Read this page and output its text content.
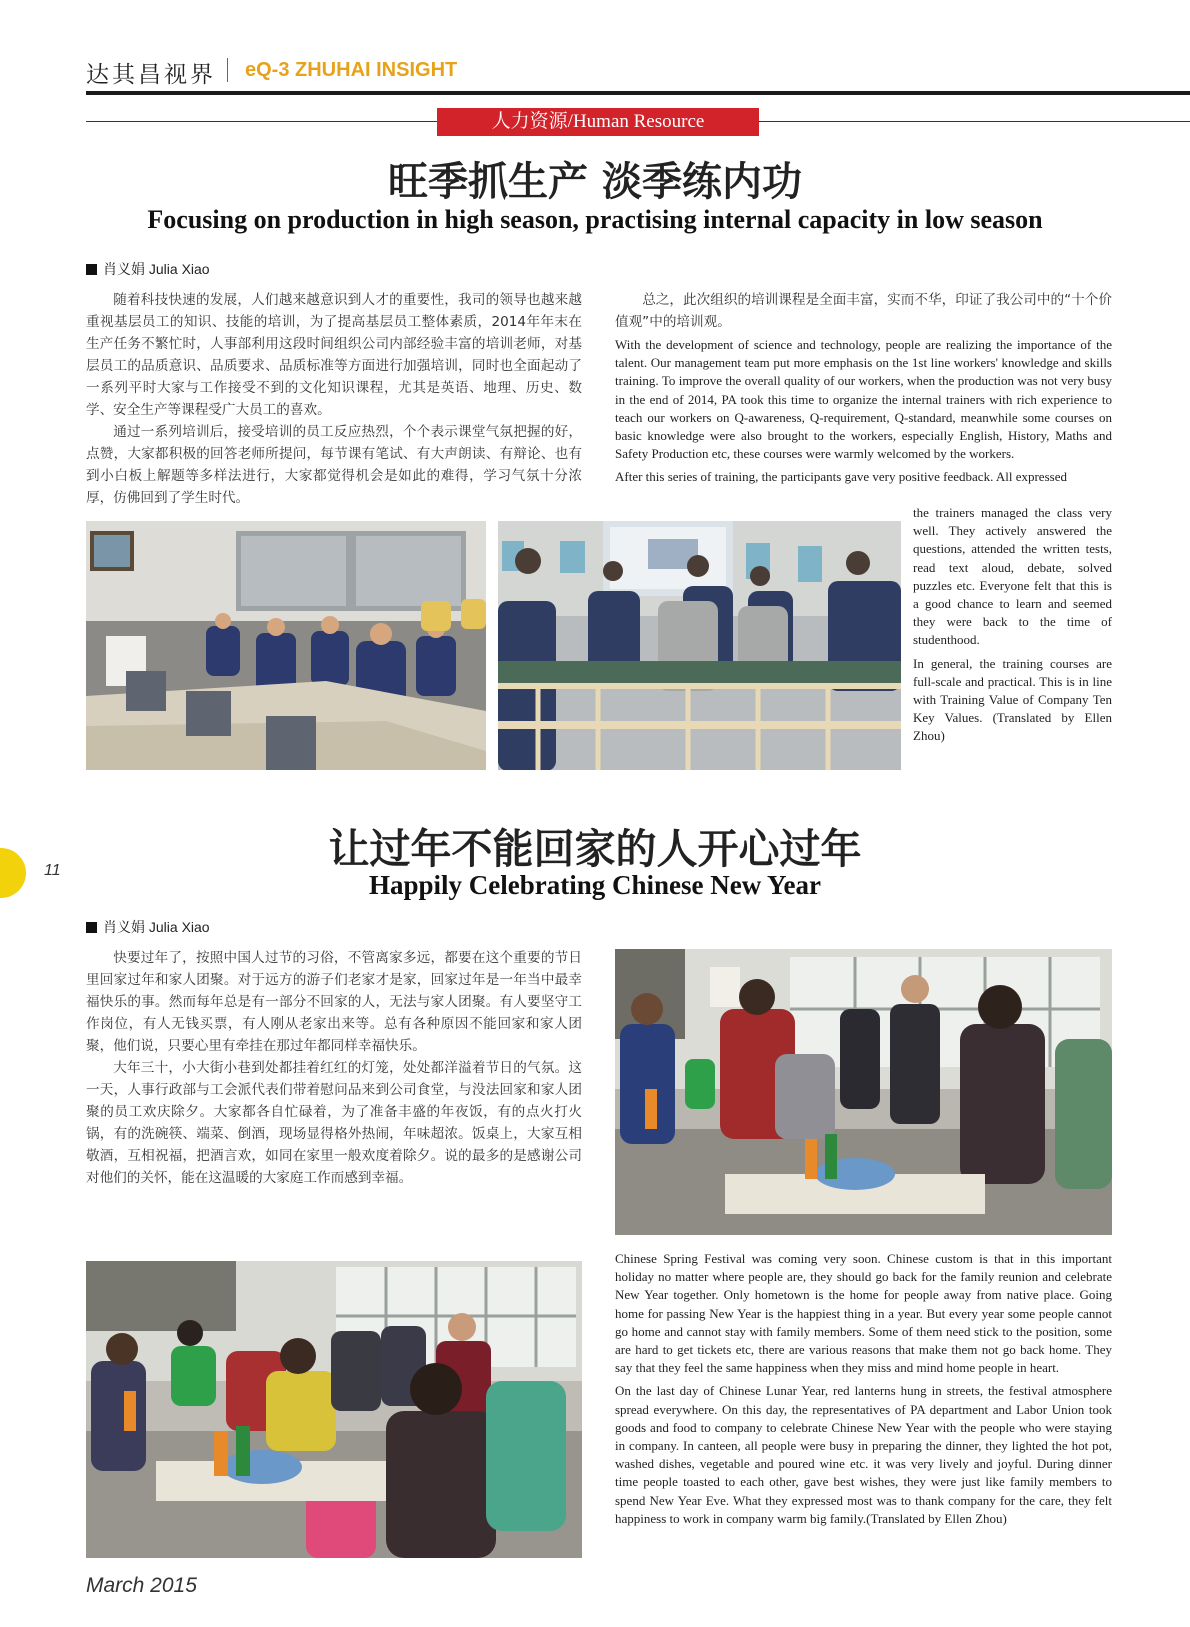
达其昌视界 eQ-3 ZHUHAI INSIGHT
人力资源/Human Resource
旺季抓生产 淡季练内功
Focusing on production in high season, practising internal capacity in low season
肖义娟 Julia Xiao

随着科技快速的发展，人们越来越意识到人才的重要性，我司的领导也越来越重视基层员工的知识、技能的培训，为了提高基层员工整体素质，2014年年末在生产任务不繁忙时，人事部利用这段时间组织公司内部经验丰富的培训老师，对基层员工的品质意识、品质要求、品质标准等方面进行加强培训，同时也全面起动了一系列平时大家与工作接受不到的文化知识课程，尤其是英语、地理、历史、数学、安全生产等课程受广大员工的喜欢。

通过一系列培训后，接受培训的员工反应热烈，个个表示课堂气氛把握的好，点赞，大家都积极的回答老师所提问，每节课有笔试、有大声朗读、有辩论、也有到小白板上解题等多样法进行，大家都觉得机会是如此的难得，学习气氛十分浓厚，仿佛回到了学生时代。

总之，此次组织的培训课程是全面丰富，实而不华，印证了我公司中的“十个价值观”中的培训观。

With the development of science and technology, people are realizing the importance of the talent. Our management team put more emphasis on the 1st line workers' knowledge and skills training. To improve the overall quality of our workers, when the production was not very busy in the end of 2014, PA took this time to organize the internal trainers with rich experience to teach our workers on Q-awareness, Q-requirement, Q-standard, meanwhile some courses on basic knowledge were also brought to the workers, especially English, History, Maths and Safety Production etc, these courses were warmly welcomed by the workers.

After this series of training, the participants gave very positive feedback. All expressed

the trainers managed the class very well. They actively answered the questions, attended the written tests, read text aloud, debate, solved puzzles etc. Everyone felt that this is a good chance to learn and seemed they were back to the time of studenthood.

In general, the training courses are full-scale and practical. This is in line with Training Value of Company Ten Key Values. (Translated by Ellen Zhou)

让过年不能回家的人开心过年
Happily Celebrating Chinese New Year
肖义娟 Julia Xiao

快要过年了，按照中国人过节的习俗，不管离家多远，都要在这个重要的节日里回家过年和家人团聚。对于远方的游子们老家才是家，回家过年是一年当中最幸福快乐的事。然而每年总是有一部分不回家的人，无法与家人团聚。有人要坚守工作岗位，有人无钱买票，有人刚从老家出来等。总有各种原因不能回家和家人团聚，他们说，只要心里有牵挂在那过年都同样幸福快乐。

大年三十，小大街小巷到处都挂着红红的灯笼，处处都洋溢着节日的气氛。这一天，人事行政部与工会派代表们带着慰问品来到公司食堂，与没法回家和家人团聚的员工欢庆除夕。大家都各自忙碌着，为了准备丰盛的年夜饭，有的点火打火锅，有的洗碗筷、端菜、倒酒，现场显得格外热闹，年味超浓。饭桌上，大家互相敬酒，互相祝福，把酒言欢，如同在家里一般欢度着除夕。说的最多的是感谢公司对他们的关怀，能在这温暖的大家庭工作而感到幸福。

Chinese Spring Festival was coming very soon. Chinese custom is that in this important holiday no matter where people are, they should go back for the family reunion and celebrate New Year together. Only hometown is the home for people away from native place. Going home for passing New Year is the happiest thing in a year. But every year some people cannot go home and cannot stay with family members. Some of them need stick to the position, some are hard to get tickets etc, there are various reasons that make them not go back home. They say that they feel the same happiness when they miss and mind home people in heart.

On the last day of Chinese Lunar Year, red lanterns hung in streets, the festival atmosphere spread everywhere. On this day, the representatives of PA department and Labor Union took goods and food to company to celebrate Chinese New Year with the people who were staying in company. In canteen, all people were busy in preparing the dinner, they lighted the hot pot, washed dishes, vegetable and poured wine etc. it was very lively and joyful. During dinner time people toasted to each other, gave best wishes, they were just like family members to spend New Year Eve. What they expressed most was to thank company for the care, they felt happiness to work in company warm big family.(Translated by Ellen Zhou)

11
March 2015
